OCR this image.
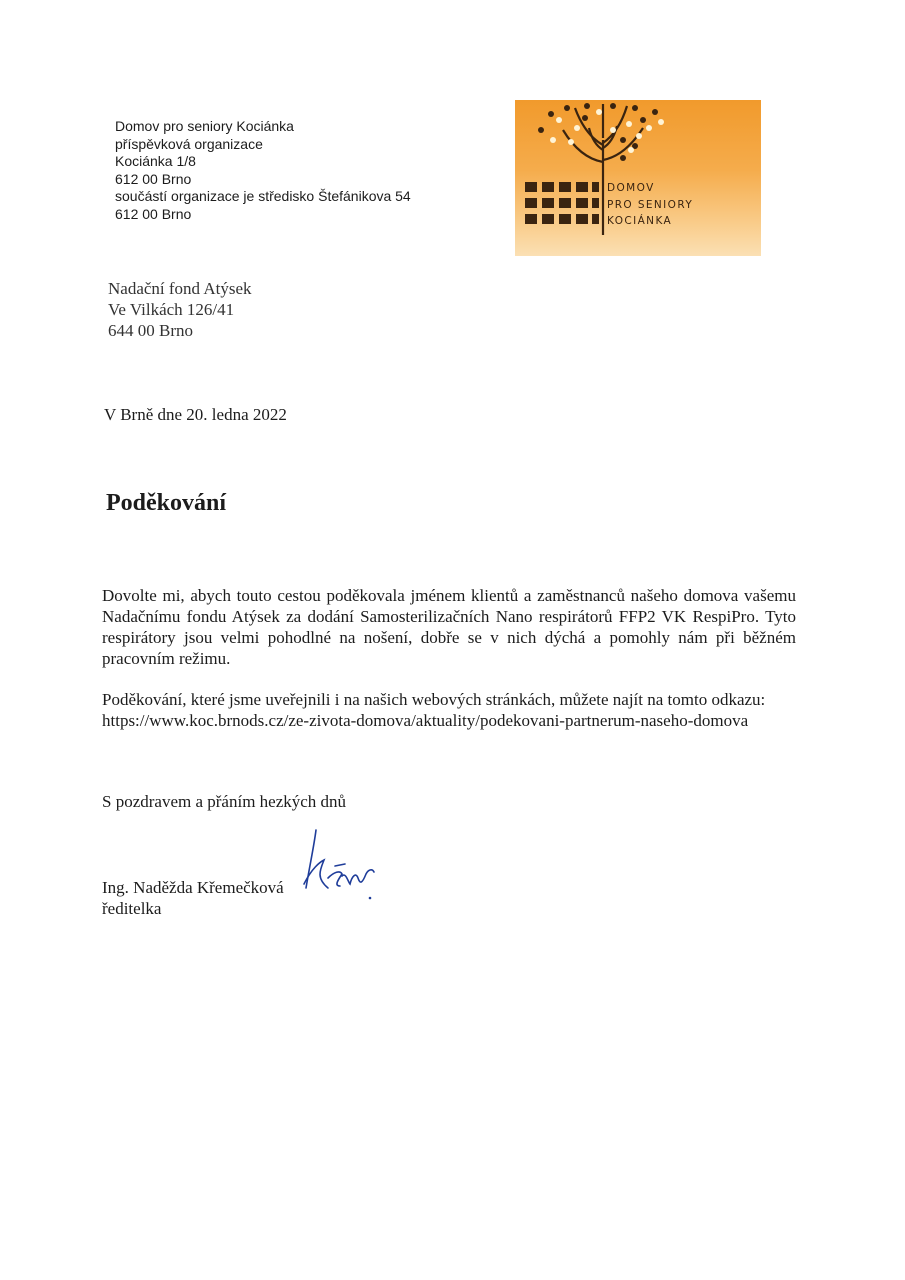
Domov pro seniory Kociánka
příspěvková organizace
Kociánka 1/8
612 00 Brno
součástí organizace je středisko Štefánikova 54
612 00 Brno
DOMOV
PRO SENIORY
KOCIÁNKA
Nadační fond Atýsek
Ve Vilkách 126/41
644 00 Brno
V Brně dne 20. ledna 2022
Poděkování
Dovolte mi, abych touto cestou poděkovala jménem klientů a zaměstnanců našeho domova vašemu Nadačnímu fondu Atýsek za dodání Samosterilizačních Nano respirátorů FFP2 VK RespiPro. Tyto respirátory jsou velmi pohodlné na nošení, dobře se v nich dýchá a pomohly nám při běžném pracovním režimu.
Poděkování, které jsme uveřejnili i na našich webových stránkách, můžete najít na tomto odkazu:
https://www.koc.brnods.cz/ze-zivota-domova/aktuality/podekovani-partnerum-naseho-domova
S pozdravem a přáním hezkých dnů
Ing. Naděžda Křemečková
ředitelka
